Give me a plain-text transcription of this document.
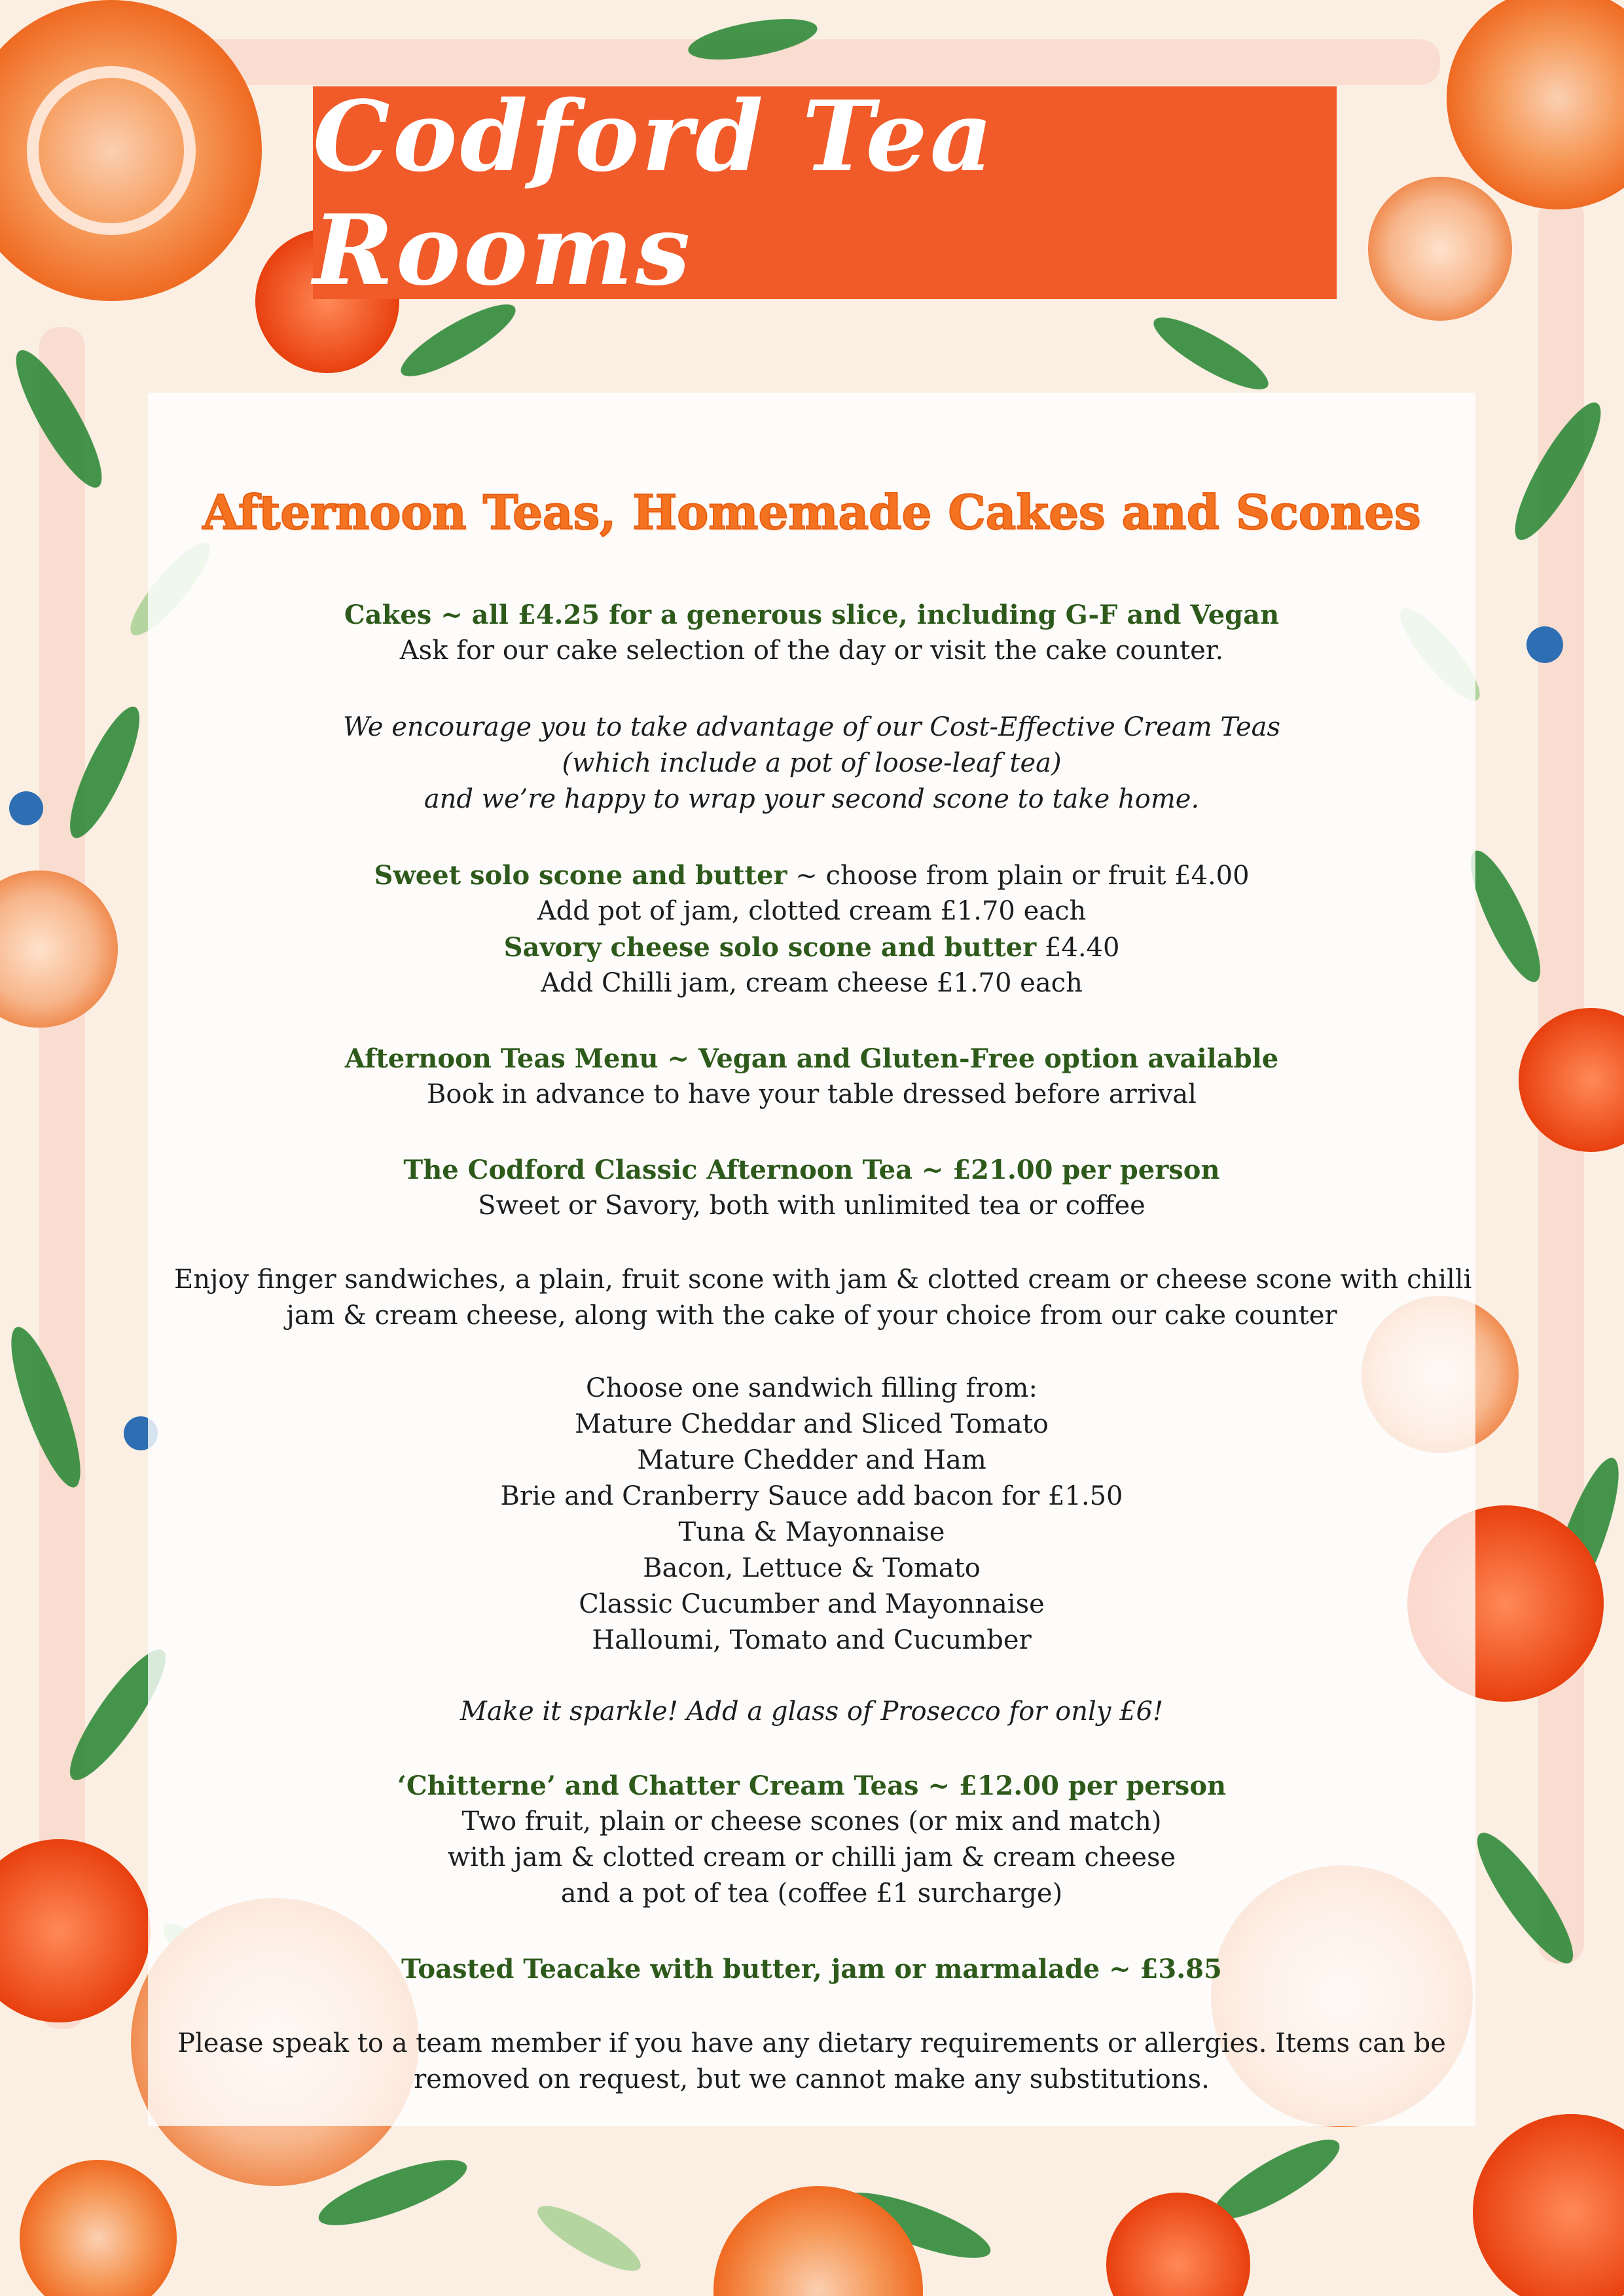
Codford Tea Rooms
Afternoon Teas, Homemade Cakes and Scones
Cakes ~ all £4.25 for a generous slice, including G-F and Vegan
Ask for our cake selection of the day or visit the cake counter.
We encourage you to take advantage of our Cost-Effective Cream Teas
(which include a pot of loose-leaf tea)
and we’re happy to wrap your second scone to take home.
Sweet solo scone and butter ~ choose from plain or fruit £4.00
Add pot of jam, clotted cream £1.70 each
Savory cheese solo scone and butter £4.40
Add Chilli jam, cream cheese £1.70 each
Afternoon Teas Menu ~ Vegan and Gluten-Free option available
Book in advance to have your table dressed before arrival
The Codford Classic Afternoon Tea ~ £21.00 per person
Sweet or Savory, both with unlimited tea or coffee
Enjoy finger sandwiches, a plain, fruit scone with jam & clotted cream or cheese scone with chilli
jam & cream cheese, along with the cake of your choice from our cake counter
Choose one sandwich filling from:
Mature Cheddar and Sliced Tomato
Mature Chedder and Ham
Brie and Cranberry Sauce add bacon for £1.50
Tuna & Mayonnaise
Bacon, Lettuce & Tomato
Classic Cucumber and Mayonnaise
Halloumi, Tomato and Cucumber
Make it sparkle! Add a glass of Prosecco for only £6!
‘Chitterne’ and Chatter Cream Teas ~ £12.00 per person
Two fruit, plain or cheese scones (or mix and match)
with jam & clotted cream or chilli jam & cream cheese
and a pot of tea (coffee £1 surcharge)
Toasted Teacake with butter, jam or marmalade ~ £3.85
Please speak to a team member if you have any dietary requirements or allergies. Items can be
removed on request, but we cannot make any substitutions.
